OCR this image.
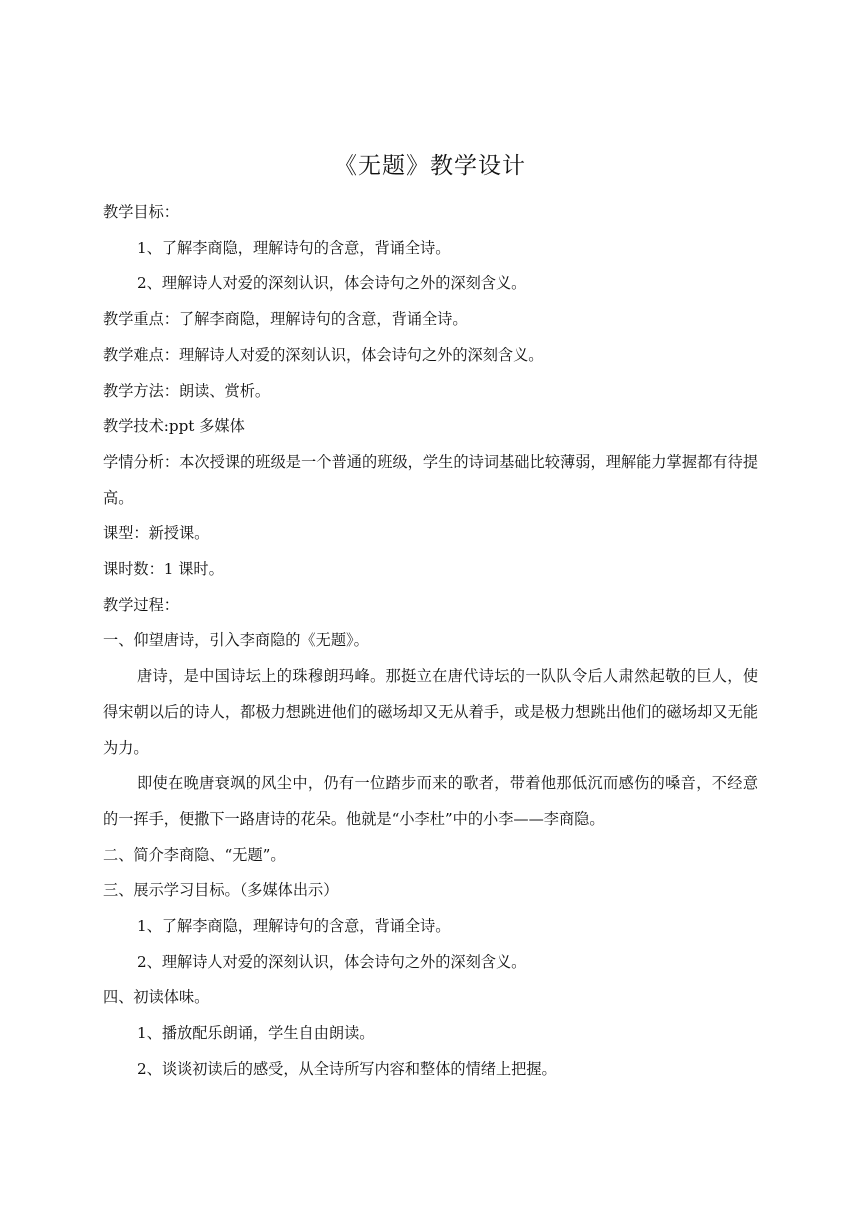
《无题》教学设计

教学目标：

1、了解李商隐，理解诗句的含意，背诵全诗。

2、理解诗人对爱的深刻认识，体会诗句之外的深刻含义。

教学重点：了解李商隐，理解诗句的含意，背诵全诗。

教学难点：理解诗人对爱的深刻认识，体会诗句之外的深刻含义。

教学方法：朗读、赏析。

教学技术:ppt 多媒体

学情分析：本次授课的班级是一个普通的班级，学生的诗词基础比较薄弱，理解能力掌握都有待提高。

课型：新授课。

课时数：1 课时。

教学过程：

一、仰望唐诗，引入李商隐的《无题》。

唐诗，是中国诗坛上的珠穆朗玛峰。那挺立在唐代诗坛的一队队令后人肃然起敬的巨人，使得宋朝以后的诗人，都极力想跳进他们的磁场却又无从着手，或是极力想跳出他们的磁场却又无能为力。

即使在晚唐衰飒的风尘中，仍有一位踏步而来的歌者，带着他那低沉而感伤的嗓音，不经意的一挥手，便撒下一路唐诗的花朵。他就是“小李杜”中的小李——李商隐。

二、简介李商隐、“无题”。

三、展示学习目标。（多媒体出示）

1、了解李商隐，理解诗句的含意，背诵全诗。

2、理解诗人对爱的深刻认识，体会诗句之外的深刻含义。

四、初读体味。

1、播放配乐朗诵，学生自由朗读。

2、谈谈初读后的感受，从全诗所写内容和整体的情绪上把握。
